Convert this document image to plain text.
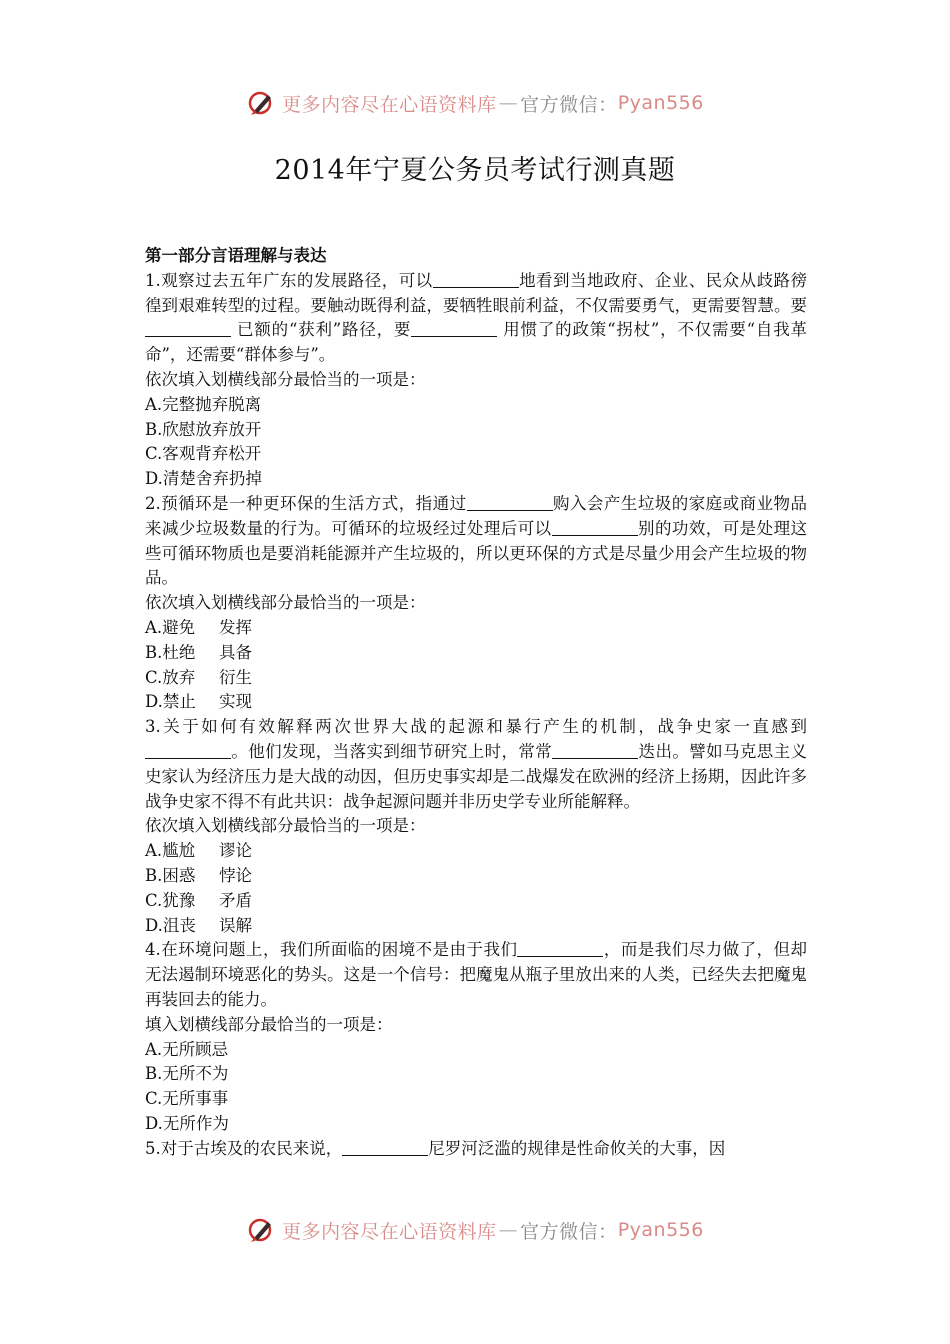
更多内容尽在心语资料库 — 官方微信： Pyan556
2014年宁夏公务员考试行测真题

第一部分言语理解与表达

1.观察过去五年广东的发展路径，可以	地看到当地政府、企业、民众从歧路徬徨到艰难转型的过程。要触动既得利益，要牺牲眼前利益，不仅需要勇气，更需要智慧。要 已额的“获利”路径，要	用惯了的政策“拐杖”，不仅需要“自我革命”，还需要“群体参与”。

依次填入划横线部分最恰当的一项是：

A.完整抛弃脱离

B.欣慰放弃放开

C.客观背弃松开

D.清楚舍弃扔掉

2.预循环是一种更环保的生活方式，指通过	购入会产生垃圾的家庭或商业物品来减少垃圾数量的行为。可循环的垃圾经过处理后可以	别的功效，可是处理这些可循环物质也是要消耗能源并产生垃圾的，所以更环保的方式是尽量少用会产生垃圾的物品。

依次填入划横线部分最恰当的一项是：

A.避免 发挥

B.杜绝 具备

C.放弃 衍生

D.禁止 实现

3.关于如何有效解释两次世界大战的起源和暴行产生的机制，战争史家一直感到。他们发现，当落实到细节研究上时，常常	迭出。譬如马克思主义史家认为经济压力是大战的动因，但历史事实却是二战爆发在欧洲的经济上扬期，因此许多战争史家不得不有此共识：战争起源问题并非历史学专业所能解释。

依次填入划横线部分最恰当的一项是：

A.尴尬 谬论

B.困惑 悖论

C.犹豫 矛盾

D.沮丧 误解

4.在环境问题上，我们所面临的困境不是由于我们	，而是我们尽力做了，但却无法遏制环境恶化的势头。这是一个信号：把魔鬼从瓶子里放出来的人类，已经失去把魔鬼再装回去的能力。

填入划横线部分最恰当的一项是：

A.无所顾忌

B.无所不为

C.无所事事

D.无所作为

5.对于古埃及的农民来说，	尼罗河泛滥的规律是性命攸关的大事，因

更多内容尽在心语资料库 — 官方微信： Pyan556
